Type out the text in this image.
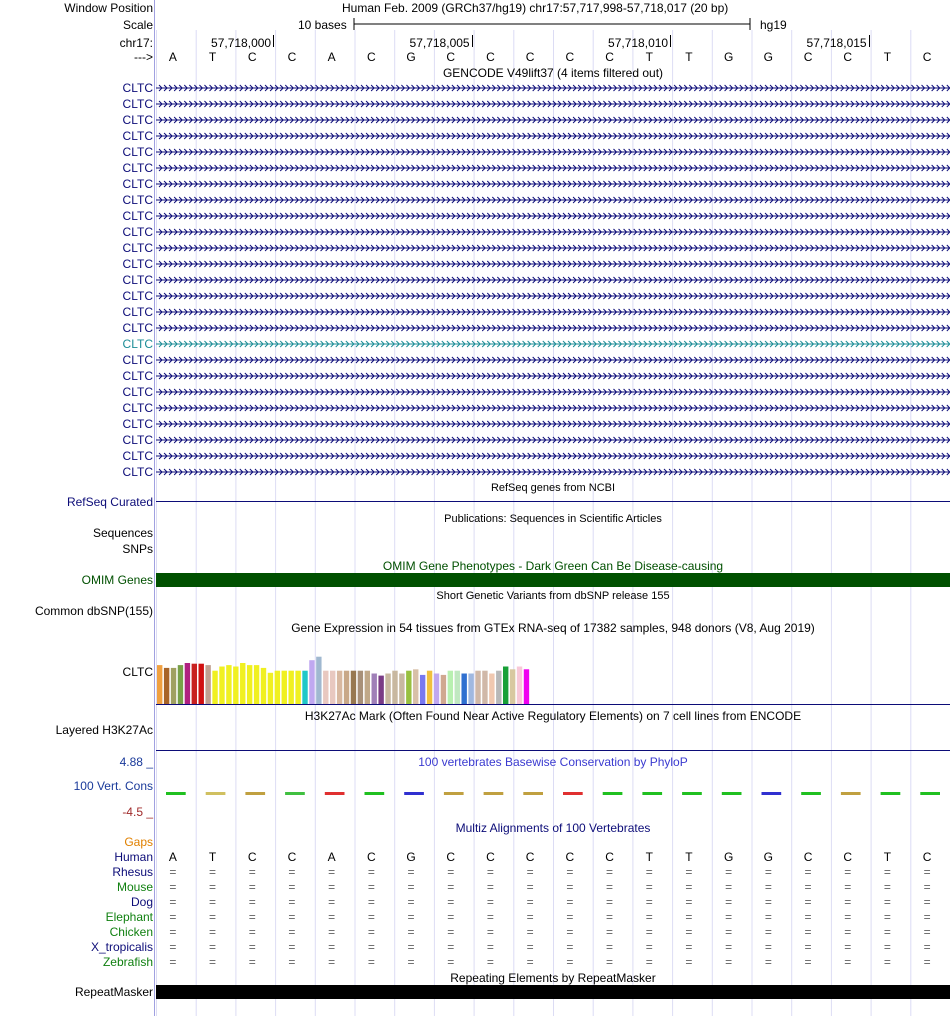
Window Position	Human Feb. 2009 (GRCh37/hg19) chr17:57,717,998-57,718,017 (20 bp)
Scale	10 bases	hg19
chr17:	57,718,000	57,718,005	57,718,010	57,718,015
--->	A	T	C	C	A	C	G	C	C	C	C	C	T	T	G	G	C	C	T	C
GENCODE V49lift37 (4 items filtered out)
CLTC
CLTC
CLTC
CLTC
CLTC
CLTC
CLTC
CLTC
CLTC
CLTC
CLTC
CLTC
CLTC
CLTC
CLTC
CLTC
CLTC
CLTC
CLTC
CLTC
CLTC
CLTC
CLTC
CLTC
CLTC
RefSeq genes from NCBI
RefSeq Curated
Publications: Sequences in Scientific Articles
Sequences
SNPs
OMIM Gene Phenotypes - Dark Green Can Be Disease-causing
OMIM Genes
Short Genetic Variants from dbSNP release 155
Common dbSNP(155)
Gene Expression in 54 tissues from GTEx RNA-seq of 17382 samples, 948 donors (V8, Aug 2019)
CLTC
H3K27Ac Mark (Often Found Near Active Regulatory Elements) on 7 cell lines from ENCODE
Layered H3K27Ac
100 vertebrates Basewise Conservation by PhyloP
4.88 _
100 Vert. Cons
-4.5 _
Multiz Alignments of 100 Vertebrates
Gaps
Human	A	T	C	C	A	C	G	C	C	C	C	C	T	T	G	G	C	C	T	C
Rhesus	=	=	=	=	=	=	=	=	=	=	=	=	=	=	=	=	=	=	=	=
Mouse	=	=	=	=	=	=	=	=	=	=	=	=	=	=	=	=	=	=	=	=
Dog	=	=	=	=	=	=	=	=	=	=	=	=	=	=	=	=	=	=	=	=
Elephant	=	=	=	=	=	=	=	=	=	=	=	=	=	=	=	=	=	=	=	=
Chicken	=	=	=	=	=	=	=	=	=	=	=	=	=	=	=	=	=	=	=	=
X_tropicalis	=	=	=	=	=	=	=	=	=	=	=	=	=	=	=	=	=	=	=	=
Zebrafish	=	=	=	=	=	=	=	=	=	=	=	=	=	=	=	=	=	=	=	=
Repeating Elements by RepeatMasker
RepeatMasker
